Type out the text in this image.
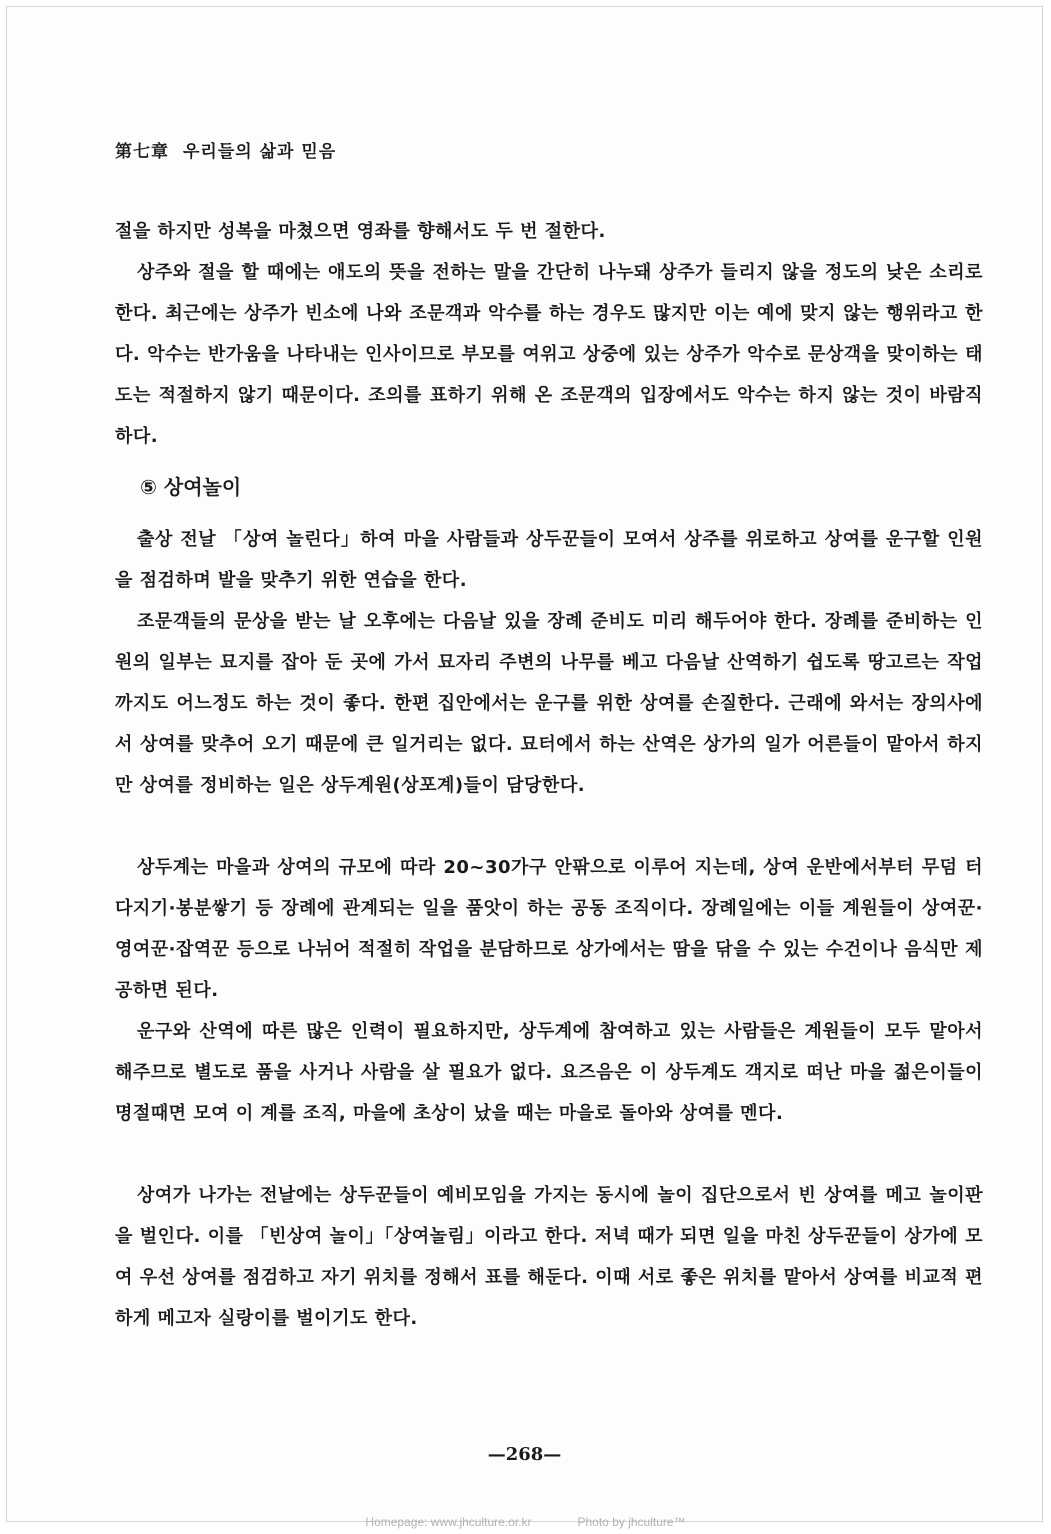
第七章 우리들의 삶과 믿음
절을 하지만 성복을 마쳤으면 영좌를 향해서도 두 번 절한다.
상주와 절을 할 때에는 애도의 뜻을 전하는 말을 간단히 나누돼 상주가 들리지 않을 정도의 낮은 소리로 한다. 최근에는 상주가 빈소에 나와 조문객과 악수를 하는 경우도 많지만 이는 예에 맞지 않는 행위라고 한다. 악수는 반가움을 나타내는 인사이므로 부모를 여위고 상중에 있는 상주가 악수로 문상객을 맞이하는 태도는 적절하지 않기 때문이다. 조의를 표하기 위해 온 조문객의 입장에서도 악수는 하지 않는 것이 바람직 하다.
⑤ 상여놀이
출상 전날 「상여 놀린다」하여 마을 사람들과 상두꾼들이 모여서 상주를 위로하고 상여를 운구할 인원을 점검하며 발을 맞추기 위한 연습을 한다.
조문객들의 문상을 받는 날 오후에는 다음날 있을 장례 준비도 미리 해두어야 한다. 장례를 준비하는 인원의 일부는 묘지를 잡아 둔 곳에 가서 묘자리 주변의 나무를 베고 다음날 산역하기 쉽도록 땅고르는 작업까지도 어느정도 하는 것이 좋다. 한편 집안에서는 운구를 위한 상여를 손질한다. 근래에 와서는 장의사에서 상여를 맞추어 오기 때문에 큰 일거리는 없다. 묘터에서 하는 산역은 상가의 일가 어른들이 맡아서 하지만 상여를 정비하는 일은 상두계원(상포계)들이 담당한다.
상두계는 마을과 상여의 규모에 따라 20~30가구 안팎으로 이루어 지는데, 상여 운반에서부터 무덤 터 다지기·봉분쌓기 등 장례에 관계되는 일을 품앗이 하는 공동 조직이다. 장례일에는 이들 계원들이 상여꾼·영여꾼·잡역꾼 등으로 나뉘어 적절히 작업을 분담하므로 상가에서는 땀을 닦을 수 있는 수건이나 음식만 제공하면 된다.
운구와 산역에 따른 많은 인력이 필요하지만, 상두계에 참여하고 있는 사람들은 계원들이 모두 맡아서 해주므로 별도로 품을 사거나 사람을 살 필요가 없다. 요즈음은 이 상두계도 객지로 떠난 마을 젊은이들이 명절때면 모여 이 계를 조직, 마을에 초상이 났을 때는 마을로 돌아와 상여를 멘다.
상여가 나가는 전날에는 상두꾼들이 예비모임을 가지는 동시에 놀이 집단으로서 빈 상여를 메고 놀이판을 벌인다. 이를 「빈상여 놀이」「상여놀림」이라고 한다. 저녁 때가 되면 일을 마친 상두꾼들이 상가에 모여 우선 상여를 점검하고 자기 위치를 정해서 표를 해둔다. 이때 서로 좋은 위치를 맡아서 상여를 비교적 편하게 메고자 실랑이를 벌이기도 한다.
—268—
Homepage: www.jhculture.or.kr	Photo by jhculture™
